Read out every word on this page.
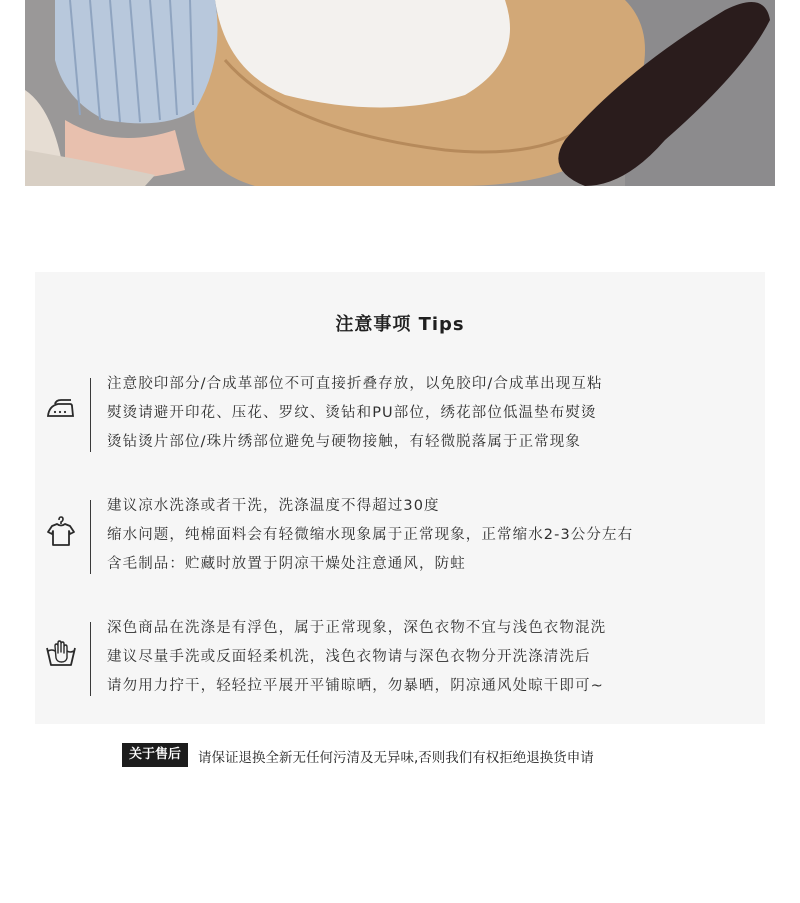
注意事项 Tips
注意胶印部分/合成革部位不可直接折叠存放，以免胶印/合成革出现互粘
熨烫请避开印花、压花、罗纹、烫钻和PU部位，绣花部位低温垫布熨烫
烫钻烫片部位/珠片绣部位避免与硬物接触，有轻微脱落属于正常现象
建议凉水洗涤或者干洗，洗涤温度不得超过30度
缩水问题，纯棉面料会有轻微缩水现象属于正常现象，正常缩水2-3公分左右
含毛制品：贮藏时放置于阴凉干燥处注意通风，防蛀
深色商品在洗涤是有浮色，属于正常现象，深色衣物不宜与浅色衣物混洗
建议尽量手洗或反面轻柔机洗，浅色衣物请与深色衣物分开洗涤清洗后
请勿用力拧干，轻轻拉平展开平铺晾晒，勿暴晒，阴凉通风处晾干即可~
关于售后	请保证退换全新无任何污清及无异味,否则我们有权拒绝退换货申请
